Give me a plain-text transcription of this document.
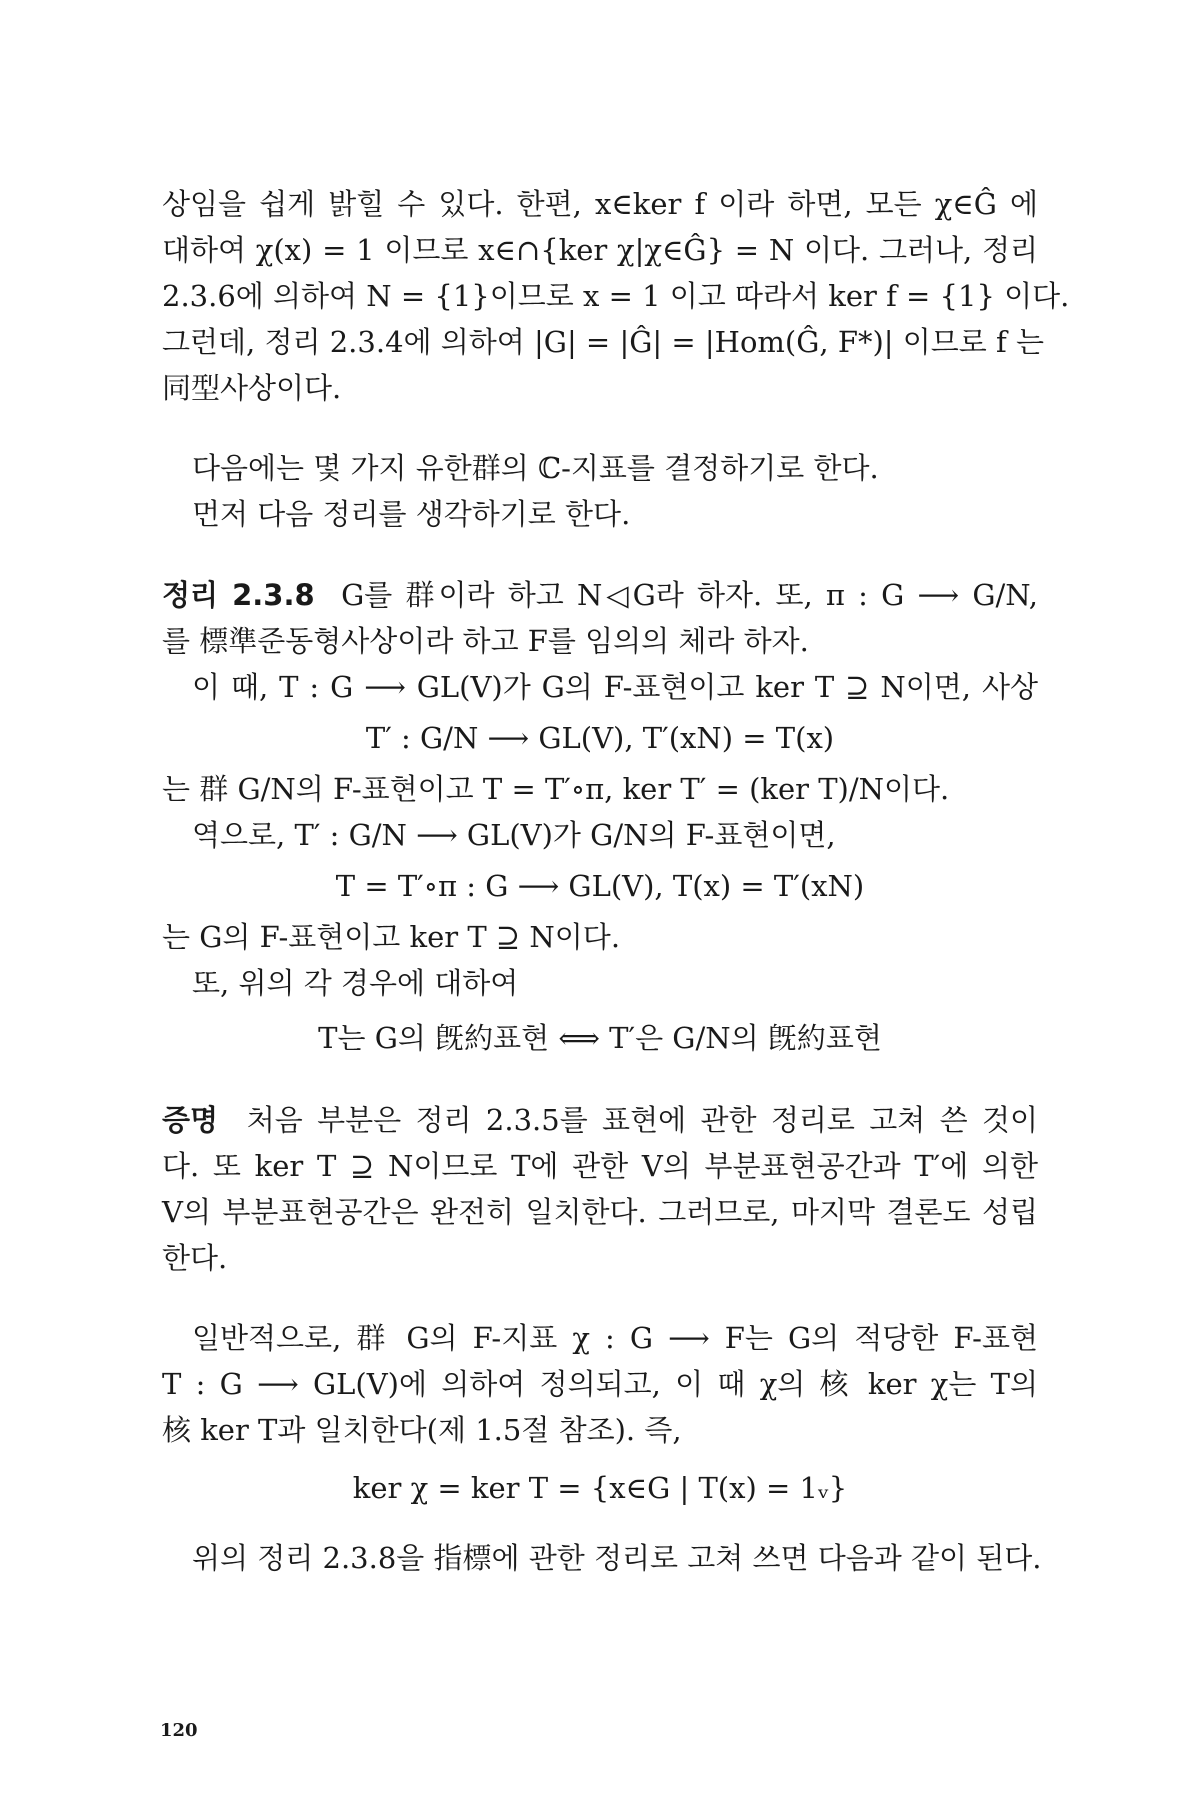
상임을 쉽게 밝힐 수 있다. 한편, x∈ker f 이라 하면, 모든 χ∈Ĝ 에
대하여 χ(x) = 1 이므로 x∈∩{ker χ|χ∈Ĝ} = N 이다. 그러나, 정리
2.3.6에 의하여 N = {1}이므로 x = 1 이고 따라서 ker f = {1} 이다.
그런데, 정리 2.3.4에 의하여 |G| = |Ĝ| = |Hom(Ĝ, F*)| 이므로 f 는
同型사상이다.
다음에는 몇 가지 유한群의 ℂ-지표를 결정하기로 한다.
먼저 다음 정리를 생각하기로 한다.
정리 2.3.8 G를 群이라 하고 N◁G라 하자. 또, π : G ⟶ G/N,
를 標準준동형사상이라 하고 F를 임의의 체라 하자.
이 때, T : G ⟶ GL(V)가 G의 F-표현이고 ker T ⊇ N이면, 사상
T′ : G/N ⟶ GL(V), T′(xN) = T(x)
는 群 G/N의 F-표현이고 T = T′∘π, ker T′ = (ker T)/N이다.
역으로, T′ : G/N ⟶ GL(V)가 G/N의 F-표현이면,
T = T′∘π : G ⟶ GL(V), T(x) = T′(xN)
는 G의 F-표현이고 ker T ⊇ N이다.
또, 위의 각 경우에 대하여
T는 G의 旣約표현 ⟺ T′은 G/N의 旣約표현
증명 처음 부분은 정리 2.3.5를 표현에 관한 정리로 고쳐 쓴 것이
다. 또 ker T ⊇ N이므로 T에 관한 V의 부분표현공간과 T′에 의한
V의 부분표현공간은 완전히 일치한다. 그러므로, 마지막 결론도 성립
한다.
일반적으로, 群 G의 F-지표 χ : G ⟶ F는 G의 적당한 F-표현
T : G ⟶ GL(V)에 의하여 정의되고, 이 때 χ의 核 ker χ는 T의
核 ker T과 일치한다(제 1.5절 참조). 즉,
ker χ = ker T = {x∈G | T(x) = 1ᵥ}
위의 정리 2.3.8을 指標에 관한 정리로 고쳐 쓰면 다음과 같이 된다.
120
